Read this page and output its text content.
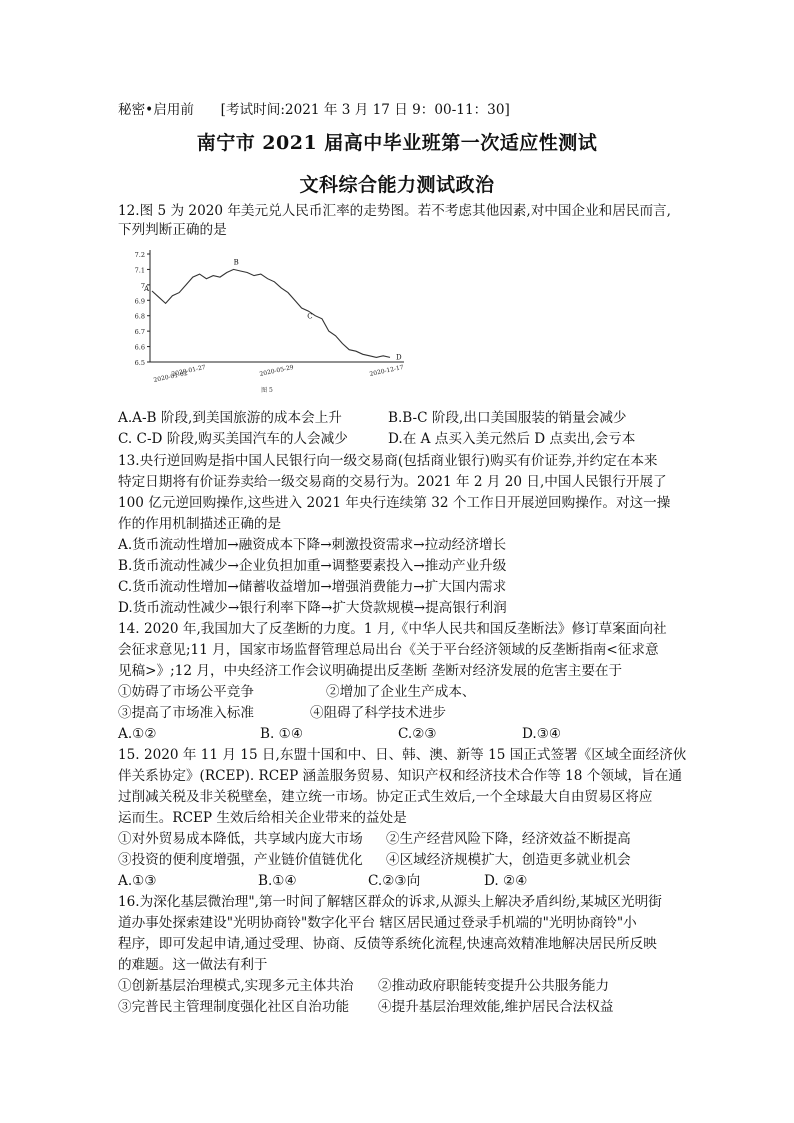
秘密•启用前 [考试时间:2021 年 3 月 17 日 9：00-11：30]
南宁市 2021 届高中毕业班第一次适应性测试
文科综合能力测试政治
12.图 5 为 2020 年美元兑人民币汇率的走势图。若不考虑其他因素,对中国企业和居民而言,
下列判断正确的是
7.2
7.1
7
6.9
6.8
6.7
6.6
6.5
A
B
C
D
2020-01-02
2020-01-27	2020-05-29	2020-12-17
图 5
A.A-B 阶段,到美国旅游的成本会上升	B.B-C 阶段,出口美国服装的销量会减少
C. C-D 阶段,购买美国汽车的人会减少	D.在 A 点买入美元然后 D 点卖出,会亏本
13.央行逆回购是指中国人民银行向一级交易商(包括商业银行)购买有价证券,并约定在本来
特定日期将有价证券卖给一级交易商的交易行为。2021 年 2 月 20 日,中国人民银行开展了
100 亿元逆回购操作,这些进入 2021 年央行连续第 32 个工作日开展逆回购操作。对这一操
作的作用机制描述正确的是
A.货币流动性增加→融资成本下降→刺激投资需求→拉动经济增长
B.货币流动性减少→企业负担加重→调整要素投入→推动产业升级
C.货币流动性增加→储蓄收益增加→增强消费能力→扩大国内需求
D.货币流动性减少→银行利率下降→扩大贷款规模→提高银行利润
14. 2020 年,我国加大了反垄断的力度。1 月,《中华人民共和国反垄断法》修订草案面向社
会征求意见;11 月，国家市场监督管理总局出台《关于平台经济领域的反垄断指南<征求意
见稿>》;12 月，中央经济工作会议明确提出反垄断 垄断对经济发展的危害主要在于
①妨碍了市场公平竞争	②增加了企业生产成本、
③提高了市场准入标准	④阻碍了科学技术进步
A.①②	B. ①④	C.②③	D.③④
15. 2020 年 11 月 15 日,东盟十国和中、日、韩、澳、新等 15 国正式签署《区域全面经济伙
伴关系协定》(RCEP). RCEP 涵盖服务贸易、知识产权和经济技术合作等 18 个领域，旨在通
过削减关税及非关税壁垒，建立统一市场。协定正式生效后,一个全球最大自由贸易区将应
运而生。RCEP 生效后给相关企业带来的益处是
①对外贸易成本降低，共享域内庞大市场 ②生产经营风险下降，经济效益不断提高
③投资的便利度增强，产业链价值链优化 ④区域经济规模扩大，创造更多就业机会
A.①③	B.①④	C.②③向	D. ②④
16.为深化基层微治理",第一时间了解辖区群众的诉求,从源头上解决矛盾纠纷,某城区光明街
道办事处探索建设"光明协商铃"数字化平台 辖区居民通过登录手机端的"光明协商铃"小
程序，即可发起申请,通过受理、协商、反债等系统化流程,快速高效精准地解决居民所反映
的难题。这一做法有利于
①创新基层治理模式,实现多元主体共治 ②推动政府职能转变提升公共服务能力
③完普民主管理制度强化社区自治功能 ④提升基层治理效能,维护居民合法权益
